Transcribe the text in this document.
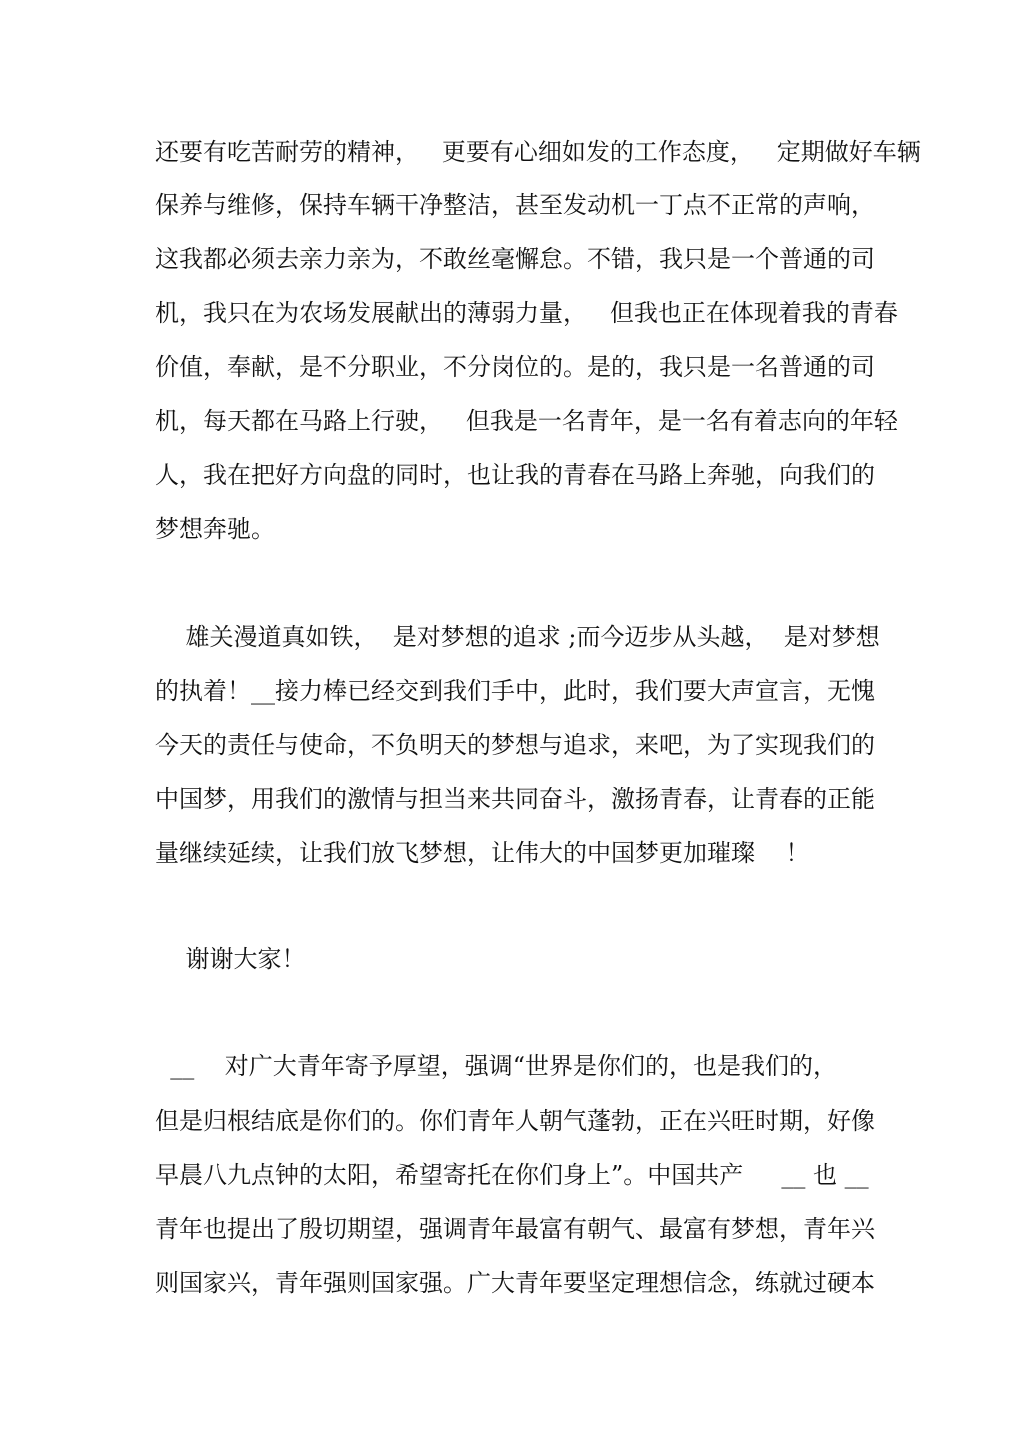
还要有吃苦耐劳的精神，   更要有心细如发的工作态度，   定期做好车辆
保养与维修，保持车辆干净整洁，甚至发动机一丁点不正常的声响，
这我都必须去亲力亲为，不敢丝毫懈怠。不错，我只是一个普通的司
机，我只在为农场发展献出的薄弱力量，   但我也正在体现着我的青春
价值，奉献，是不分职业，不分岗位的。是的，我只是一名普通的司
机，每天都在马路上行驶，   但我是一名青年，是一名有着志向的年轻
人，我在把好方向盘的同时，也让我的青春在马路上奔驰，向我们的
梦想奔驰。
雄关漫道真如铁，  是对梦想的追求 ;而今迈步从头越，  是对梦想
的执着！__接力棒已经交到我们手中，此时，我们要大声宣言，无愧
今天的责任与使命，不负明天的梦想与追求，来吧，为了实现我们的
中国梦，用我们的激情与担当来共同奋斗，激扬青春，让青春的正能
量继续延续，让我们放飞梦想，让伟大的中国梦更加璀璨    ！
谢谢大家！
__    对广大青年寄予厚望，强调“世界是你们的，也是我们的，
但是归根结底是你们的。你们青年人朝气蓬勃，正在兴旺时期，好像
早晨八九点钟的太阳，希望寄托在你们身上”。中国共产     __ 也 __
青年也提出了殷切期望，强调青年最富有朝气、最富有梦想，青年兴
则国家兴，青年强则国家强。广大青年要坚定理想信念，练就过硬本
